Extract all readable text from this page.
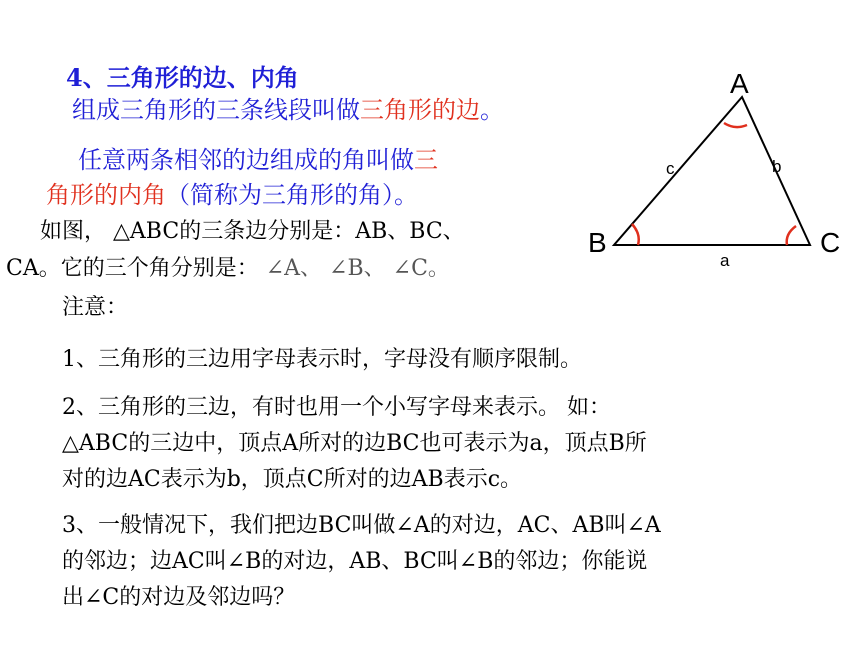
4、三角形的边、内角
组成三角形的三条线段叫做三角形的边。
任意两条相邻的边组成的角叫做三
角形的内角（简称为三角形的角）。
如图， △ABC的三条边分别是：AB、BC、
CA。它的三个角分别是： ∠A、 ∠B、 ∠C。
注意：
1、三角形的三边用字母表示时，字母没有顺序限制。
2、三角形的三边，有时也用一个小写字母来表示。 如：
△ABC的三边中，顶点A所对的边BC也可表示为a，顶点B所
对的边AC表示为b，顶点C所对的边AB表示c。
3、一般情况下，我们把边BC叫做∠A的对边，AC、AB叫∠A
的邻边；边AC叫∠B的对边，AB、BC叫∠B的邻边；你能说
出∠C的对边及邻边吗？
A
B	C
c	b
a
